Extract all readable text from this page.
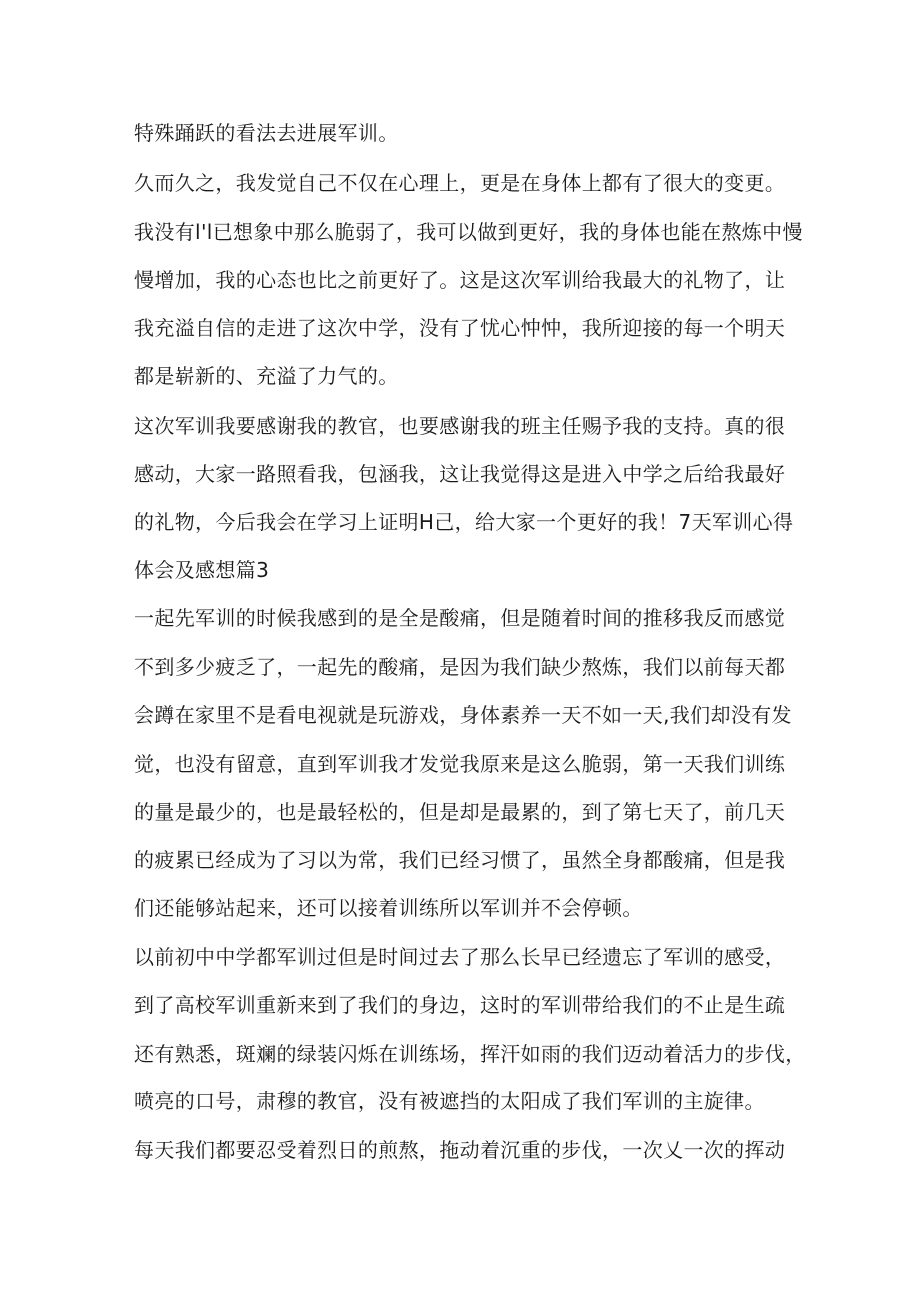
特殊踊跃的看法去进展军训。

久而久之，我发觉自己不仅在心理上，更是在身体上都有了很大的变更。

我没有l'l已想象中那么脆弱了，我可以做到更好，我的身体也能在熬炼中慢

慢增加，我的心态也比之前更好了。这是这次军训给我最大的礼物了，让

我充溢自信的走进了这次中学，没有了忧心忡忡，我所迎接的每一个明天

都是崭新的、充溢了力气的。

这次军训我要感谢我的教官，也要感谢我的班主任赐予我的支持。真的很

感动，大家一路照看我，包涵我，这让我觉得这是进入中学之后给我最好

的礼物，今后我会在学习上证明H己，给大家一个更好的我！7天军训心得

体会及感想篇3

一起先军训的时候我感到的是全是酸痛，但是随着时间的推移我反而感觉

不到多少疲乏了，一起先的酸痛，是因为我们缺少熬炼，我们以前每天都

会蹲在家里不是看电视就是玩游戏，身体素养一天不如一天,我们却没有发

觉，也没有留意，直到军训我才发觉我原来是这么脆弱，第一天我们训练

的量是最少的，也是最轻松的，但是却是最累的，到了第七天了，前几天

的疲累已经成为了习以为常，我们已经习惯了，虽然全身都酸痛，但是我

们还能够站起来，还可以接着训练所以军训并不会停顿。

以前初中中学都军训过但是时间过去了那么长早已经遗忘了军训的感受，

到了高校军训重新来到了我们的身边，这时的军训带给我们的不止是生疏

还有熟悉，斑斓的绿装闪烁在训练场，挥汗如雨的我们迈动着活力的步伐，

喷亮的口号，肃穆的教官，没有被遮挡的太阳成了我们军训的主旋律。

每天我们都要忍受着烈日的煎熬，拖动着沉重的步伐，一次乂一次的挥动
